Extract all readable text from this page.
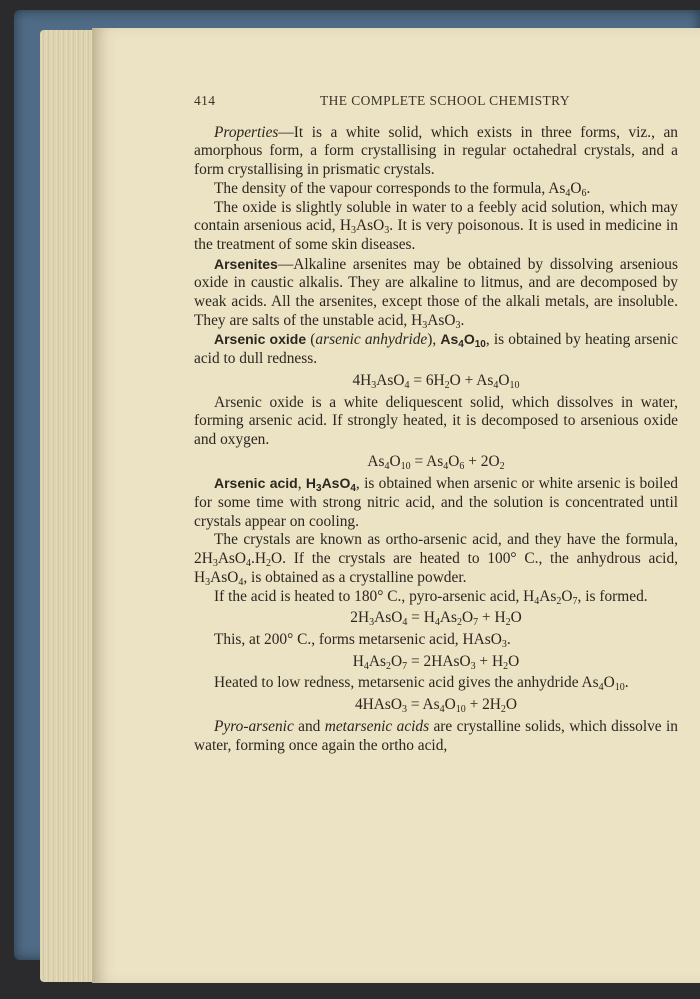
414	THE COMPLETE SCHOOL CHEMISTRY

Properties—It is a white solid, which exists in three forms, viz., an amorphous form, a form crystallising in regular octahedral crystals, and a form crystallising in prismatic crystals.

The density of the vapour corresponds to the formula, $As_4O_6$.

The oxide is slightly soluble in water to a feebly acid solution, which may contain arsenious acid, $H_3AsO_3$. It is very poisonous. It is used in medicine in the treatment of some skin diseases.

Arsenites—Alkaline arsenites may be obtained by dissolving arsenious oxide in caustic alkalis. They are alkaline to litmus, and are decomposed by weak acids. All the arsenites, except those of the alkali metals, are insoluble. They are salts of the unstable acid, $H_3AsO_3$.

Arsenic oxide (arsenic anhydride), $As_4O_{10}$, is obtained by heating arsenic acid to dull redness.

$4H_3AsO_4 = 6H_2O + As_4O_{10}$

Arsenic oxide is a white deliquescent solid, which dissolves in water, forming arsenic acid. If strongly heated, it is decomposed to arsenious oxide and oxygen.

$As_4O_{10} = As_4O_6 + 2O_2$

Arsenic acid, $H_3AsO_4$, is obtained when arsenic or white arsenic is boiled for some time with strong nitric acid, and the solution is concentrated until crystals appear on cooling.

The crystals are known as ortho-arsenic acid, and they have the formula, $2H_3AsO_4.H_2O$. If the crystals are heated to 100° C., the anhydrous acid, $H_3AsO_4$, is obtained as a crystalline powder.

If the acid is heated to 180° C., pyro-arsenic acid, $H_4As_2O_7$, is formed.

$2H_3AsO_4 = H_4As_2O_7 + H_2O$

This, at 200° C., forms metarsenic acid, HAsO$_3$.

$H_4As_2O_7$ = 2HAsO$_3$ + $H_2O$

Heated to low redness, metarsenic acid gives the anhydride $As_4O_{10}$.

4HAsO$_3$ = $As_4O_{10} + 2H_2O$

Pyro-arsenic and metarsenic acids are crystalline solids, which dissolve in water, forming once again the ortho acid,
